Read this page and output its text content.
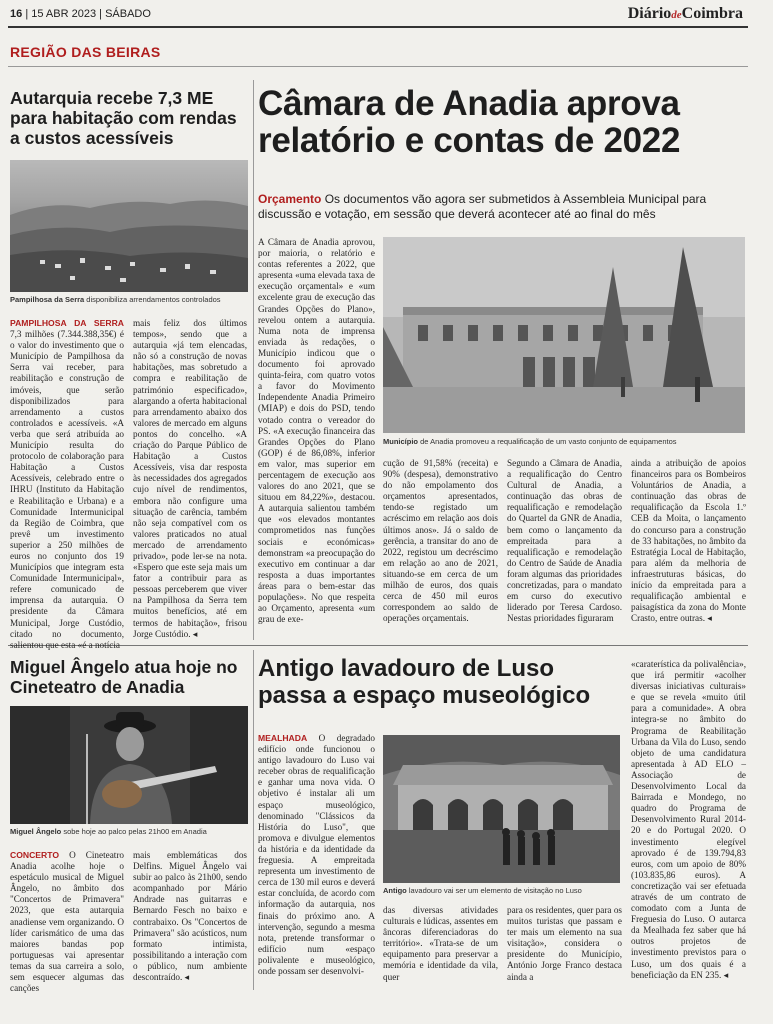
16 | 15 ABR 2023 | SÁBADO	DiáriodeCoimbra
REGIÃO DAS BEIRAS
Autarquia recebe 7,3 ME para habitação com rendas a custos acessíveis
Pampilhosa da Serra disponibiliza arrendamentos controlados
PAMPILHOSA DA SERRA 7,3 milhões (7.344.388,35€) é o valor do investimento que o Município de Pampilhosa da Serra vai receber, para reabilitação e construção de imóveis, que serão disponibilizados para arrendamento a custos controlados e acessíveis. «A verba que será atribuída ao Município resulta do protocolo de colaboração para Habitação a Custos Acessíveis, celebrado entre o IHRU (Instituto da Habitação e Reabilitação e Urbana) e a Comunidade Intermunicipal da Região de Coimbra, que prevê um investimento superior a 250 milhões de euros no conjunto dos 19 Municípios que integram esta Comunidade Intermunicipal», refere comunicado de imprensa da autarquia. O presidente da Câmara Municipal, Jorge Custódio, citado no documento, salientou que esta «é a notícia
mais feliz dos últimos tempos», sendo que a autarquia «já tem elencadas, não só a construção de novas habitações, mas sobretudo a compra e reabilitação de património especificado», alargando a oferta habitacional para arrendamento abaixo dos valores de mercado em alguns pontos do concelho. «A criação do Parque Público de Habitação a Custos Acessíveis, visa dar resposta às necessidades dos agregados cujo nível de rendimentos, embora não configure uma situação de carência, também não seja compatível com os valores praticados no atual mercado de arrendamento privado», pode ler-se na nota. «Espero que este seja mais um fator a contribuir para as pessoas perceberem que viver na Pampilhosa da Serra tem muitos benefícios, até em termos de habitação», frisou Jorge Custódio. ◂
Câmara de Anadia aprova relatório e contas de 2022
Orçamento Os documentos vão agora ser submetidos à Assembleia Municipal para discussão e votação, em sessão que deverá acontecer até ao final do mês
A Câmara de Anadia aprovou, por maioria, o relatório e contas referentes a 2022, que apresenta «uma elevada taxa de execução orçamental» e «um excelente grau de execução das Grandes Opções do Plano», revelou ontem a autarquia. Numa nota de imprensa enviada às redações, o Município indicou que o documento foi aprovado quinta-feira, com quatro votos a favor do Movimento Independente Anadia Primeiro (MIAP) e dois do PSD, tendo votado contra o vereador do PS. «A execução financeira das Grandes Opções do Plano (GOP) é de 86,08%, inferior em valor, mas superior em percentagem de execução aos valores do ano 2021, que se situou em 84,22%», destacou. A autarquia salientou também que «os elevados montantes comprometidos nas funções sociais e económicas» demonstram «a preocupação do executivo em continuar a dar resposta a duas importantes áreas para o bem-estar das populações». No que respeita ao Orçamento, apresenta «um grau de exe-
Município de Anadia promoveu a requalificação de um vasto conjunto de equipamentos
cução de 91,58% (receita) e 90% (despesa), demonstrativo do não empolamento dos orçamentos apresentados, tendo-se registado um acréscimo em relação aos dois últimos anos». Já o saldo de gerência, a transitar do ano de 2022, registou um decréscimo em relação ao ano de 2021, situando-se em cerca de um milhão de euros, dos quais cerca de 450 mil euros correspondem ao saldo de operações orçamentais.
Segundo a Câmara de Anadia, a requalificação do Centro Cultural de Anadia, a continuação das obras de requalificação e remodelação do Quartel da GNR de Anadia, bem como o lançamento da empreitada para a requalificação e remodelação do Centro de Saúde de Anadia foram algumas das prioridades concretizadas, para o mandato em curso do executivo liderado por Teresa Cardoso. Nestas prioridades figuraram
ainda a atribuição de apoios financeiros para os Bombeiros Voluntários de Anadia, a continuação das obras de requalificação da Escola 1.º CEB da Moita, o lançamento do concurso para a construção de 33 habitações, no âmbito da Estratégia Local de Habitação, para além da melhoria de infraestruturas básicas, do início da empreitada para a requalificação ambiental e paisagística da zona do Monte Crasto, entre outras. ◂
Miguel Ângelo atua hoje no Cineteatro de Anadia
Miguel Ângelo sobe hoje ao palco pelas 21h00 em Anadia
CONCERTO O Cineteatro Anadia acolhe hoje o espetáculo musical de Miguel Ângelo, no âmbito dos "Concertos de Primavera" 2023, que esta autarquia anadiense vem organizando. O líder carismático de uma das maiores bandas pop portuguesas vai apresentar temas da sua carreira a solo, sem esquecer algumas das canções
mais emblemáticas dos Delfins. Miguel Ângelo vai subir ao palco às 21h00, sendo acompanhado por Mário Andrade nas guitarras e Bernardo Fesch no baixo e contrabaixo. Os "Concertos de Primavera" são acústicos, num formato intimista, possibilitando a interação com o público, num ambiente descontraído. ◂
Antigo lavadouro de Luso passa a espaço museológico
MEALHADA O degradado edifício onde funcionou o antigo lavadouro do Luso vai receber obras de requalificação e ganhar uma nova vida. O objetivo é instalar ali um espaço museológico, denominado "Clássicos da História do Luso", que promova e divulgue elementos da história e da identidade da freguesia. A empreitada representa um investimento de cerca de 130 mil euros e deverá estar concluída, de acordo com informação da autarquia, nos finais do próximo ano. A intervenção, segundo a mesma nota, pretende transformar o edifício num «espaço polivalente e museológico, onde possam ser desenvolvi-
Antigo lavadouro vai ser um elemento de visitação no Luso
das diversas atividades culturais e lúdicas, assentes em âncoras diferenciadoras do território». «Trata-se de um equipamento para preservar a memória e identidade da vila, quer
para os residentes, quer para os muitos turistas que passam e ter mais um elemento na sua visitação», considera o presidente do Município, António Jorge Franco destaca ainda a
«caraterística da polivalência», que irá permitir «acolher diversas iniciativas culturais» e que se revela «muito útil para a comunidade». A obra integra-se no âmbito do Programa de Reabilitação Urbana da Vila do Luso, sendo objeto de uma candidatura apresentada à AD ELO – Associação de Desenvolvimento Local da Bairrada e Mondego, no quadro do Programa de Desenvolvimento Rural 2014-20 e do Portugal 2020. O investimento elegível aprovado é de 139.794,83 euros, com um apoio de 80% (103.835,86 euros). A concretização vai ser efetuada através de um contrato de comodato com a Junta de Freguesia do Luso. O autarca da Mealhada fez saber que há outros projetos de investimento previstos para o Luso, um dos quais é a beneficiação da EN 235. ◂
